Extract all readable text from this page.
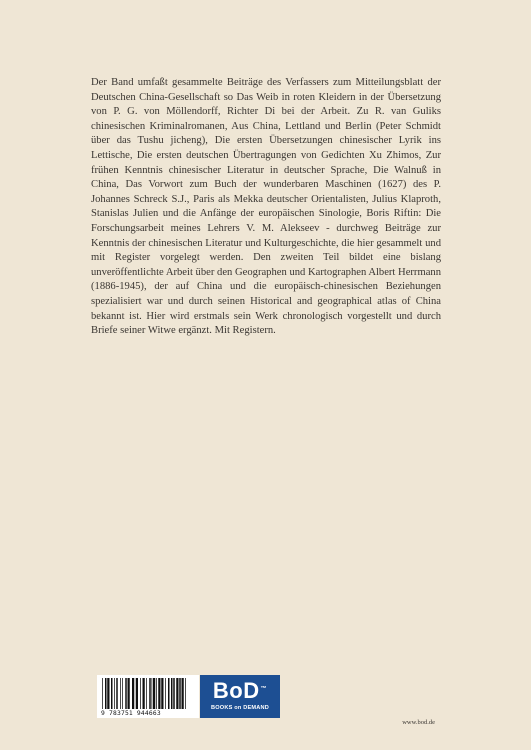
Der Band umfaßt gesammelte Beiträge des Verfassers zum Mitteilungsblatt der Deutschen China-Gesellschaft so Das Weib in roten Kleidern in der Übersetzung von P. G. von Möllendorff, Richter Di bei der Arbeit. Zu R. van Guliks chinesischen Kriminalromanen, Aus China, Lettland und Berlin (Peter Schmidt über das Tushu jicheng), Die ersten Übersetzungen chinesischer Lyrik ins Lettische, Die ersten deutschen Übertragungen von Gedichten Xu Zhimos, Zur frühen Kenntnis chinesischer Literatur in deutscher Sprache, Die Walnuß in China, Das Vorwort zum Buch der wunderbaren Maschinen (1627) des P. Johannes Schreck S.J., Paris als Mekka deutscher Orientalisten, Julius Klaproth, Stanislas Julien und die Anfänge der europäischen Sinologie, Boris Riftin: Die Forschungsarbeit meines Lehrers V. M. Alekseev - durchweg Beiträge zur Kenntnis der chinesischen Literatur und Kulturgeschichte, die hier gesammelt und mit Register vorgelegt werden. Den zweiten Teil bildet eine bislang unveröffentlichte Arbeit über den Geographen und Kartographen Albert Herrmann (1886-1945), der auf China und die europäisch-chinesischen Beziehungen spezialisiert war und durch seinen Historical and geographical atlas of China bekannt ist. Hier wird erstmals sein Werk chronologisch vorgestellt und durch Briefe seiner Witwe ergänzt. Mit Registern.
9 783751 944663
BoD™
BOOKS on DEMAND
www.bod.de
